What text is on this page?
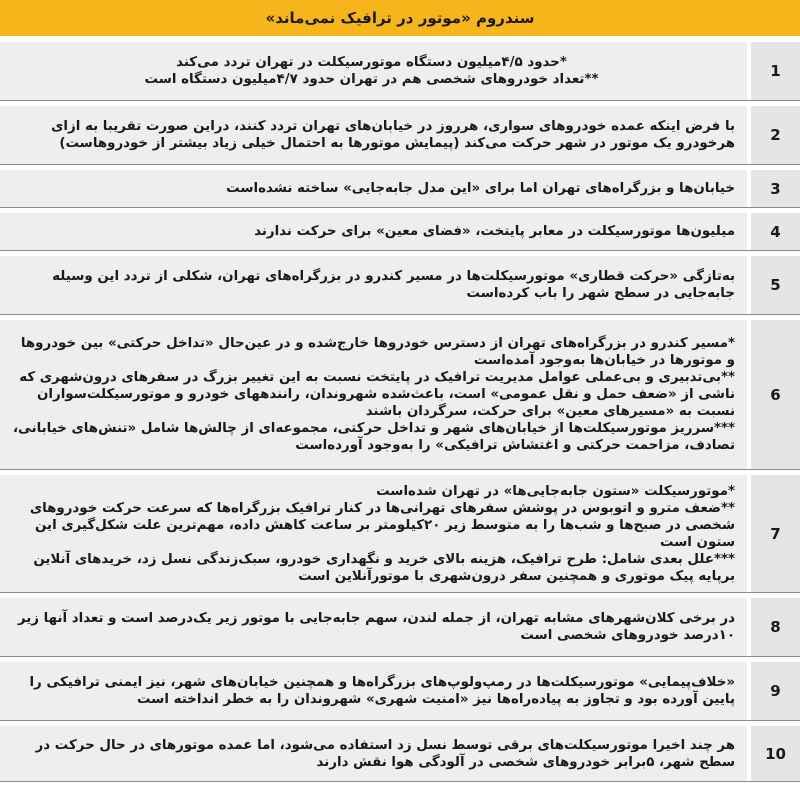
سندروم «موتور در ترافیک نمی‌ماند»
1

*حدود ۴/۵میلیون دستگاه موتورسیکلت در تهران تردد می‌کند

**تعداد خودروهای شخصی هم در تهران حدود ۴/۷میلیون دستگاه است

2

با فرض اینکه عمده خودروهای سواری، هرروز در خیابان‌های تهران تردد کنند، دراین صورت تقریبا به ازای هرخودرو یک موتور در شهر حرکت می‌کند (پیمایش موتورها به احتمال خیلی زیاد بیشتر از خودروهاست)

3

خیابان‌ها و بزرگراه‌های تهران اما برای «این مدل جابه‌جایی» ساخته نشده‌است

4

میلیون‌ها موتورسیکلت در معابر پایتخت، «فضای معین» برای حرکت ندارند

5

به‌تازگی «حرکت قطاری» موتورسیکلت‌ها در مسیر کندرو در بزرگراه‌های تهران، شکلی از تردد این وسیله جابه‌جایی در سطح شهر را باب کرده‌است

6

*مسیر کندرو در بزرگراه‌های تهران از دسترس خودروها خارج‌شده و در عین‌حال «تداخل حرکتی» بین خودروها و موتورها در خیابان‌ها به‌وجود آمده‌است

**بی‌تدبیری و بی‌عملی عوامل مدیریت ترافیک در پایتخت نسبت به این تغییر بزرگ در سفرهای درون‌شهری که ناشی از «ضعف حمل و نقل عمومی» است، باعث‌شده شهروندان، رانندههای خودرو و موتورسیکلت‌سواران نسبت به «مسیرهای معین» برای حرکت، سرگردان باشند

***سرریز موتورسیکلت‌ها از خیابان‌های شهر و تداخل حرکتی، مجموعه‌ای از چالش‌ها شامل «تنش‌های خیابانی، تصادف، مزاحمت حرکتی و اغتشاش ترافیکی» را به‌وجود آورده‌است

7

*موتورسیکلت «ستون جابه‌جایی‌ها» در تهران شده‌است

**ضعف مترو و اتوبوس در پوشش سفرهای تهرانی‌ها در کنار ترافیک بزرگراه‌ها که سرعت حرکت خودروهای شخصی در صبح‌ها و شب‌ها را به متوسط زیر ۲۰کیلومتر بر ساعت کاهش داده، مهم‌ترین علت شکل‌گیری این ستون است

***علل بعدی شامل: طرح ترافیک، هزینه بالای خرید و نگهداری خودرو، سبک‌زندگی نسل زد، خریدهای آنلاین برپایه پیک موتوری و همچنین سفر درون‌شهری با موتورآنلاین است

8

در برخی کلان‌شهرهای مشابه تهران، از جمله لندن، سهم جابه‌جایی با موتور زیر یک‌درصد است و تعداد آنها زیر ۱۰درصد خودروهای شخصی است

9

«خلاف‌پیمایی» موتورسیکلت‌ها در رمپ‌ولوپ‌های بزرگراه‌ها و همچنین خیابان‌های شهر، نیز ایمنی ترافیکی را پایین آورده بود و تجاوز به پیاده‌راه‌ها نیز «امنیت شهری» شهروندان را به خطر انداخته است

10

هر چند اخیرا موتورسیکلت‌های برقی توسط نسل زد استفاده می‌شود، اما عمده موتورهای در حال حرکت در سطح شهر، ۵برابر خودروهای شخصی در آلودگی هوا نقش دارند
